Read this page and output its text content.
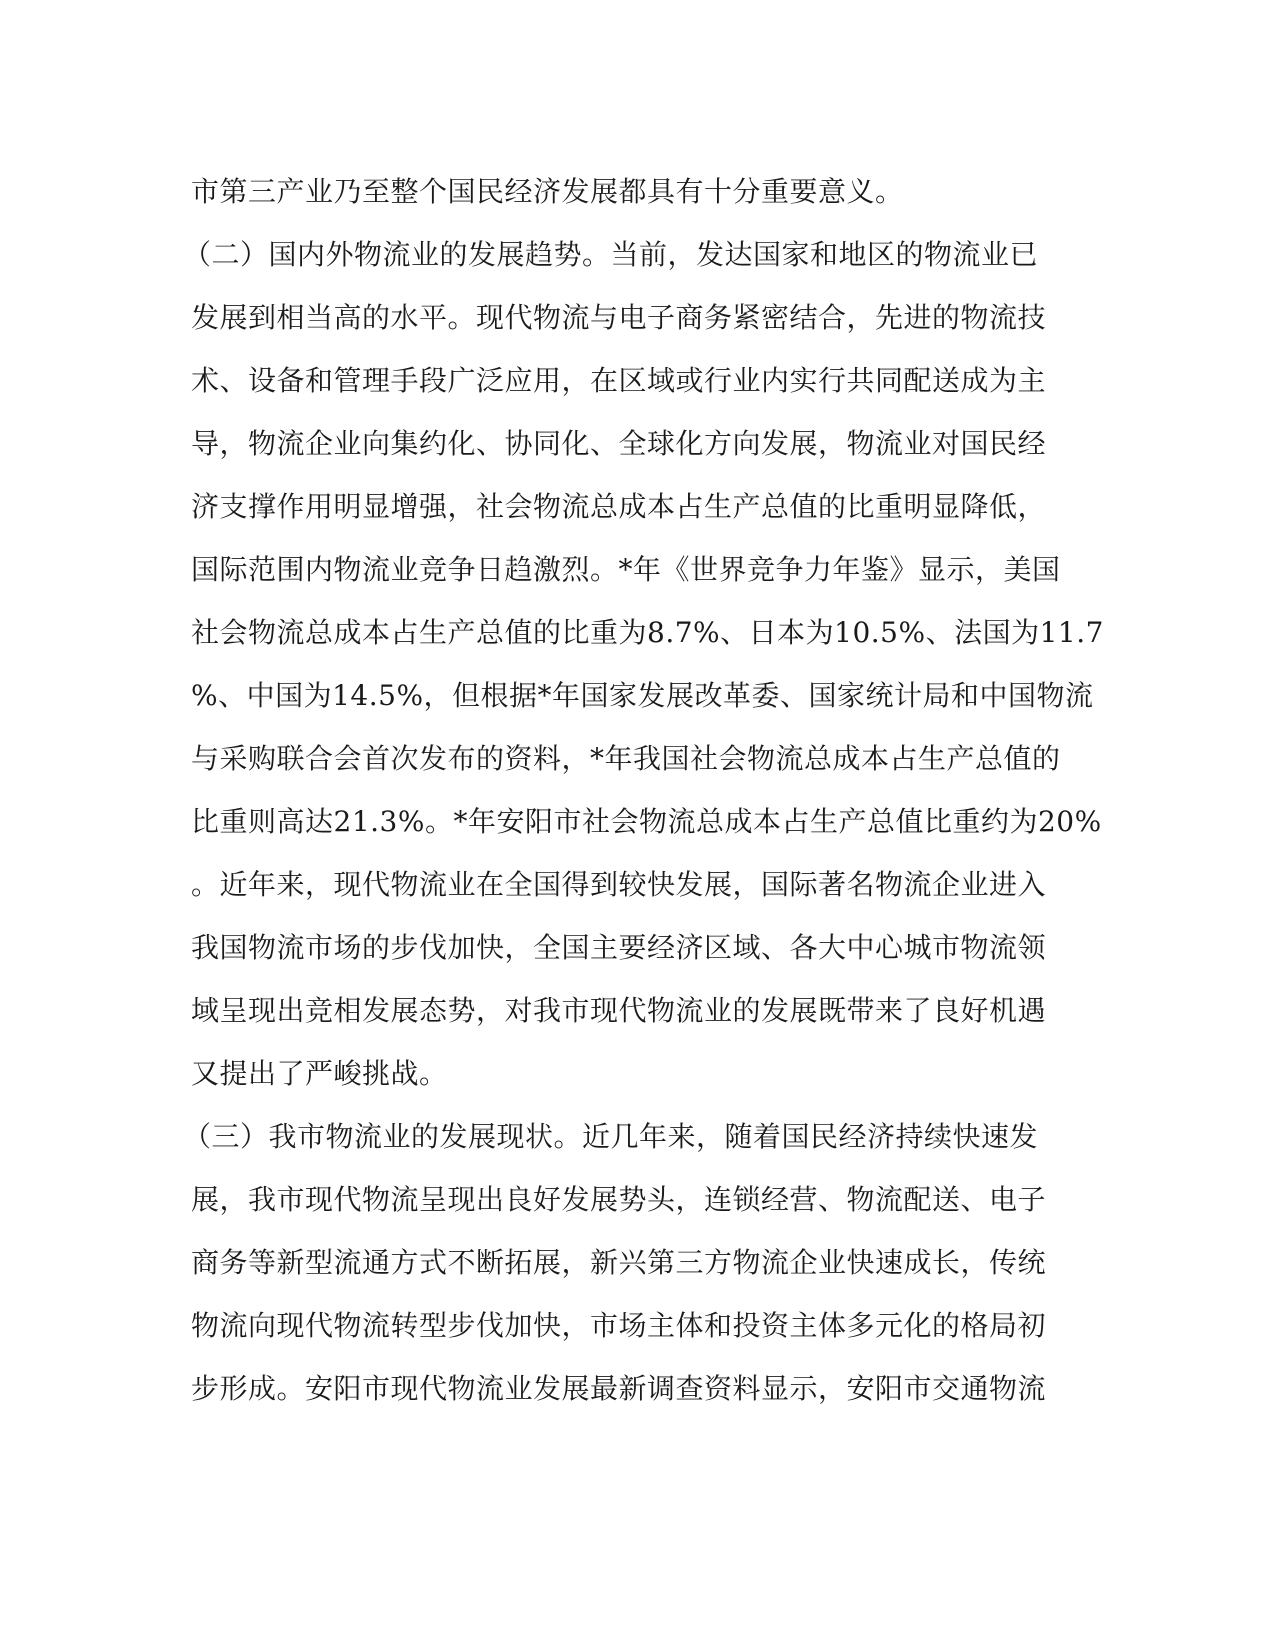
市第三产业乃至整个国民经济发展都具有十分重要意义。
（二）国内外物流业的发展趋势。当前，发达国家和地区的物流业已
发展到相当高的水平。现代物流与电子商务紧密结合，先进的物流技
术、设备和管理手段广泛应用，在区域或行业内实行共同配送成为主
导，物流企业向集约化、协同化、全球化方向发展，物流业对国民经
济支撑作用明显增强，社会物流总成本占生产总值的比重明显降低，
国际范围内物流业竞争日趋激烈。*年《世界竞争力年鉴》显示，美国
社会物流总成本占生产总值的比重为8.7%、日本为10.5%、法国为11.7
%、中国为14.5%，但根据*年国家发展改革委、国家统计局和中国物流
与采购联合会首次发布的资料，*年我国社会物流总成本占生产总值的
比重则高达21.3%。*年安阳市社会物流总成本占生产总值比重约为20%
。近年来，现代物流业在全国得到较快发展，国际著名物流企业进入
我国物流市场的步伐加快，全国主要经济区域、各大中心城市物流领
域呈现出竞相发展态势，对我市现代物流业的发展既带来了良好机遇
又提出了严峻挑战。
（三）我市物流业的发展现状。近几年来，随着国民经济持续快速发
展，我市现代物流呈现出良好发展势头，连锁经营、物流配送、电子
商务等新型流通方式不断拓展，新兴第三方物流企业快速成长，传统
物流向现代物流转型步伐加快，市场主体和投资主体多元化的格局初
步形成。安阳市现代物流业发展最新调查资料显示，安阳市交通物流
